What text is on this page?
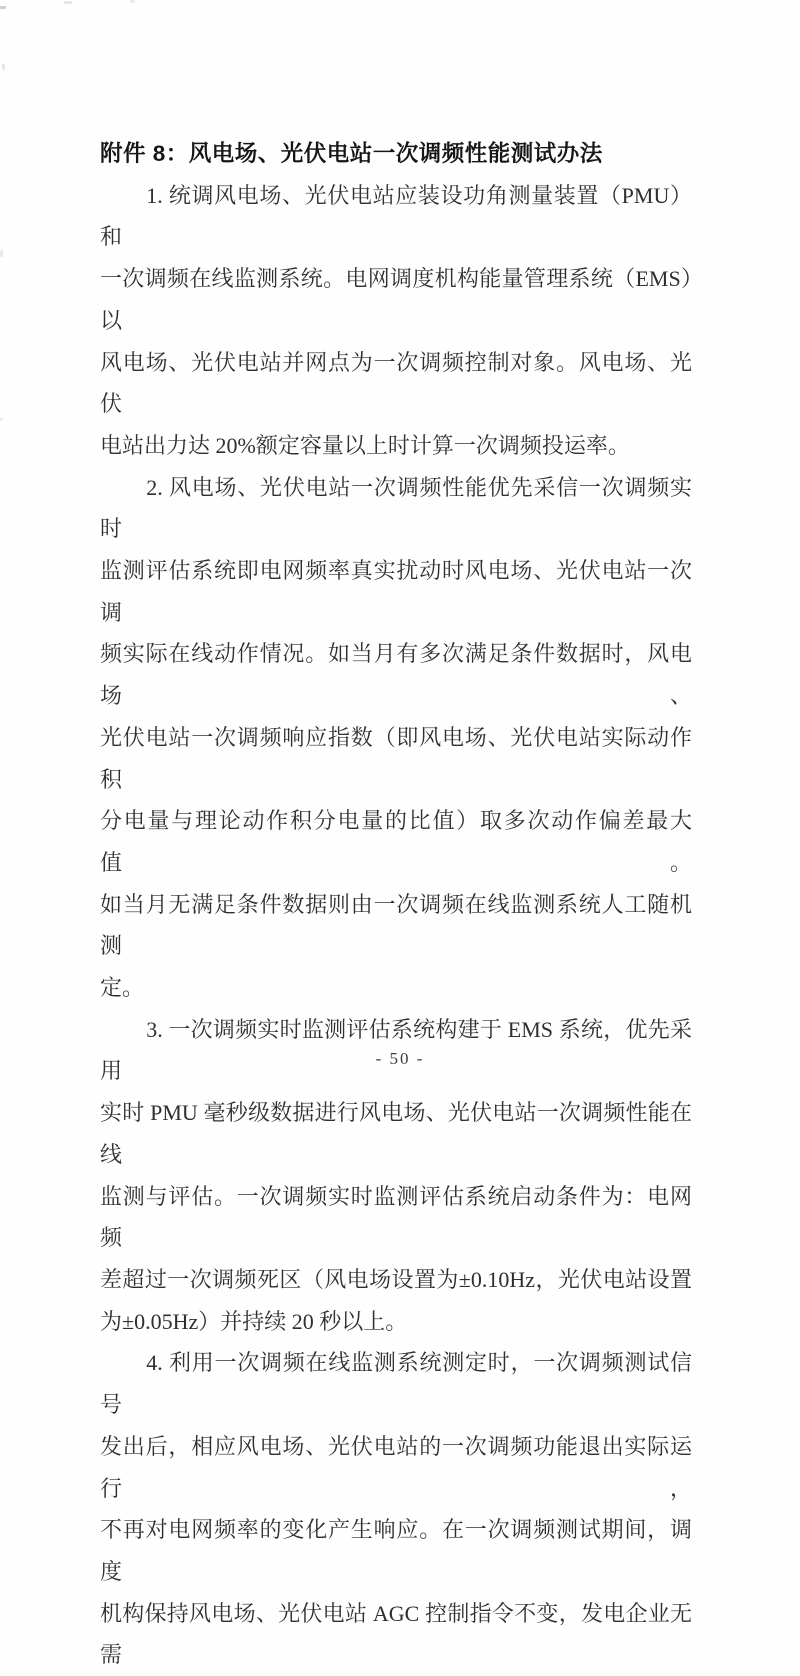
附件 8：风电场、光伏电站一次调频性能测试办法
1. 统调风电场、光伏电站应装设功角测量装置（PMU）和
一次调频在线监测系统。电网调度机构能量管理系统（EMS）以
风电场、光伏电站并网点为一次调频控制对象。风电场、光伏
电站出力达 20%额定容量以上时计算一次调频投运率。
2. 风电场、光伏电站一次调频性能优先采信一次调频实时
监测评估系统即电网频率真实扰动时风电场、光伏电站一次调
频实际在线动作情况。如当月有多次满足条件数据时，风电场、
光伏电站一次调频响应指数（即风电场、光伏电站实际动作积
分电量与理论动作积分电量的比值）取多次动作偏差最大值。
如当月无满足条件数据则由一次调频在线监测系统人工随机测
定。
3. 一次调频实时监测评估系统构建于 EMS 系统，优先采用
实时 PMU 毫秒级数据进行风电场、光伏电站一次调频性能在线
监测与评估。一次调频实时监测评估系统启动条件为：电网频
差超过一次调频死区（风电场设置为±0.10Hz，光伏电站设置
为±0.05Hz）并持续 20 秒以上。
4. 利用一次调频在线监测系统测定时，一次调频测试信号
发出后，相应风电场、光伏电站的一次调频功能退出实际运行，
不再对电网频率的变化产生响应。在一次调频测试期间，调度
机构保持风电场、光伏电站 AGC 控制指令不变，发电企业无需
- 50 -
